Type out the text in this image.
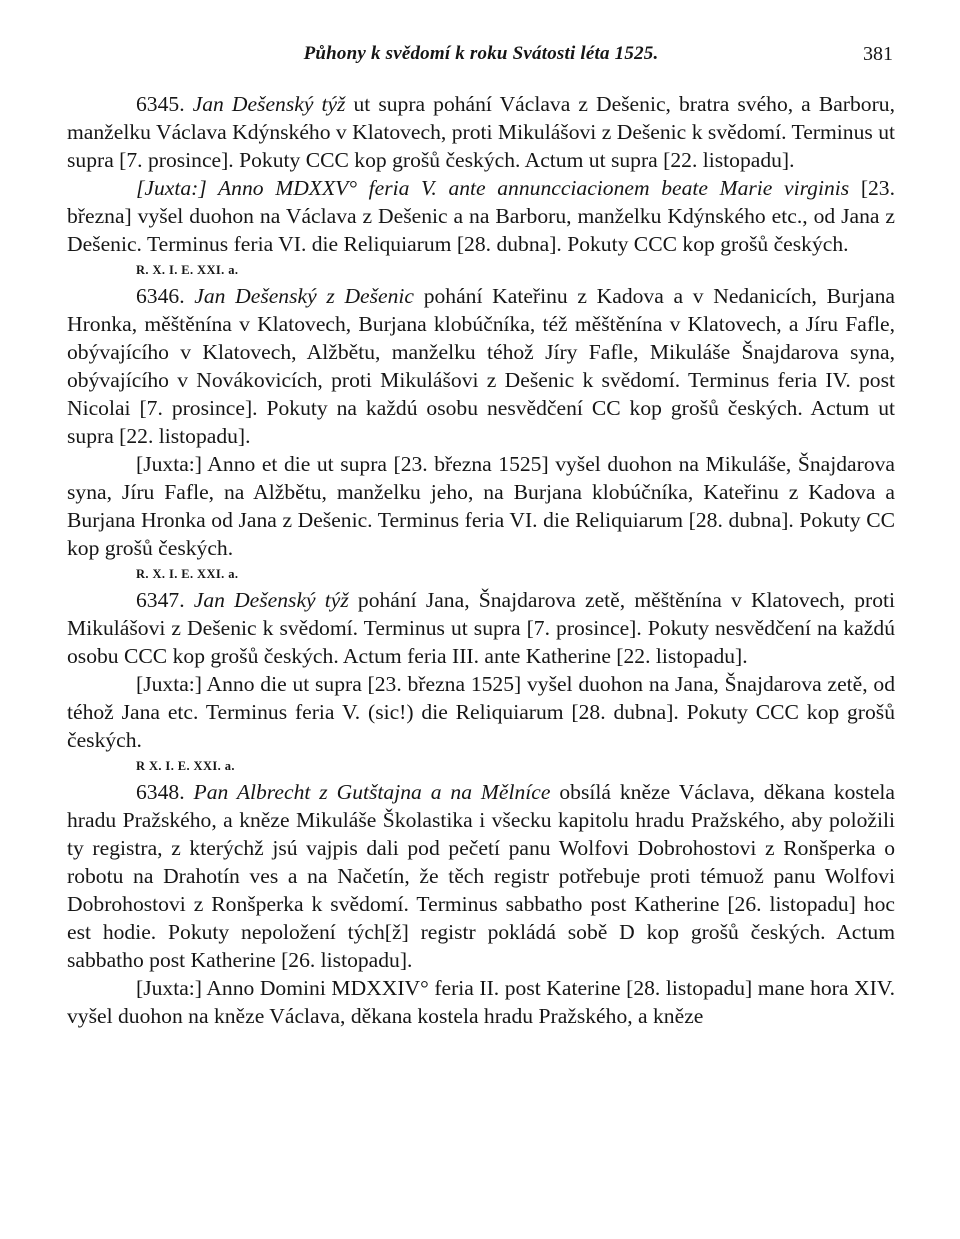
Půhony k svědomí k roku Svátosti léta 1525.	381

6345. Jan Dešenský týž ut supra pohání Václava z Dešenic, bratra svého, a Barboru, manželku Václava Kdýnského v Klatovech, proti Mikulášovi z Dešenic k svědomí. Terminus ut supra [7. prosince]. Pokuty CCC kop grošů českých. Actum ut supra [22. listopadu].

[Juxta:] Anno MDXXV° feria V. ante annuncciacionem beate Marie virginis [23. března] vyšel duohon na Václava z Dešenic a na Barboru, manželku Kdýnského etc., od Jana z Dešenic. Terminus feria VI. die Reliquiarum [28. dubna]. Pokuty CCC kop grošů českých.

R. X. I. E. XXI. a.

6346. Jan Dešenský z Dešenic pohání Kateřinu z Kadova a v Nedanicích, Burjana Hronka, měštěnína v Klatovech, Burjana klobúčníka, též měštěnína v Klatovech, a Jíru Fafle, obývajícího v Klatovech, Alžbětu, manželku téhož Jíry Fafle, Mikuláše Šnajdarova syna, obývajícího v Novákovicích, proti Mikulášovi z Dešenic k svědomí. Terminus feria IV. post Nicolai [7. prosince]. Pokuty na každú osobu nesvědčení CC kop grošů českých. Actum ut supra [22. listopadu].

[Juxta:] Anno et die ut supra [23. března 1525] vyšel duohon na Mikuláše, Šnajdarova syna, Jíru Fafle, na Alžbětu, manželku jeho, na Burjana klobúčníka, Kateřinu z Kadova a Burjana Hronka od Jana z Dešenic. Terminus feria VI. die Reliquiarum [28. dubna]. Pokuty CC kop grošů českých.

R. X. I. E. XXI. a.

6347. Jan Dešenský týž pohání Jana, Šnajdarova zetě, měštěnína v Klatovech, proti Mikulášovi z Dešenic k svědomí. Terminus ut supra [7. prosince]. Pokuty nesvědčení na každú osobu CCC kop grošů českých. Actum feria III. ante Katherine [22. listopadu].

[Juxta:] Anno die ut supra [23. března 1525] vyšel duohon na Jana, Šnajdarova zetě, od téhož Jana etc. Terminus feria V. (sic!) die Reliquiarum [28. dubna]. Pokuty CCC kop grošů českých.

R X. I. E. XXI. a.

6348. Pan Albrecht z Gutštajna a na Mělníce obsílá kněze Václava, děkana kostela hradu Pražského, a kněze Mikuláše Školastika i všecku kapitolu hradu Pražského, aby položili ty registra, z kterýchž jsú vajpis dali pod pečetí panu Wolfovi Dobrohostovi z Ronšperka o robotu na Drahotín ves a na Načetín, že těch registr potřebuje proti témuož panu Wolfovi Dobrohostovi z Ronšperka k svědomí. Terminus sabbatho post Katherine [26. listopadu] hoc est hodie. Pokuty nepoložení tých[ž] registr pokládá sobě D kop grošů českých. Actum sabbatho post Katherine [26. listopadu].

[Juxta:] Anno Domini MDXXIV° feria II. post Katerine [28. listopadu] mane hora XIV. vyšel duohon na kněze Václava, děkana kostela hradu Pražského, a kněze
